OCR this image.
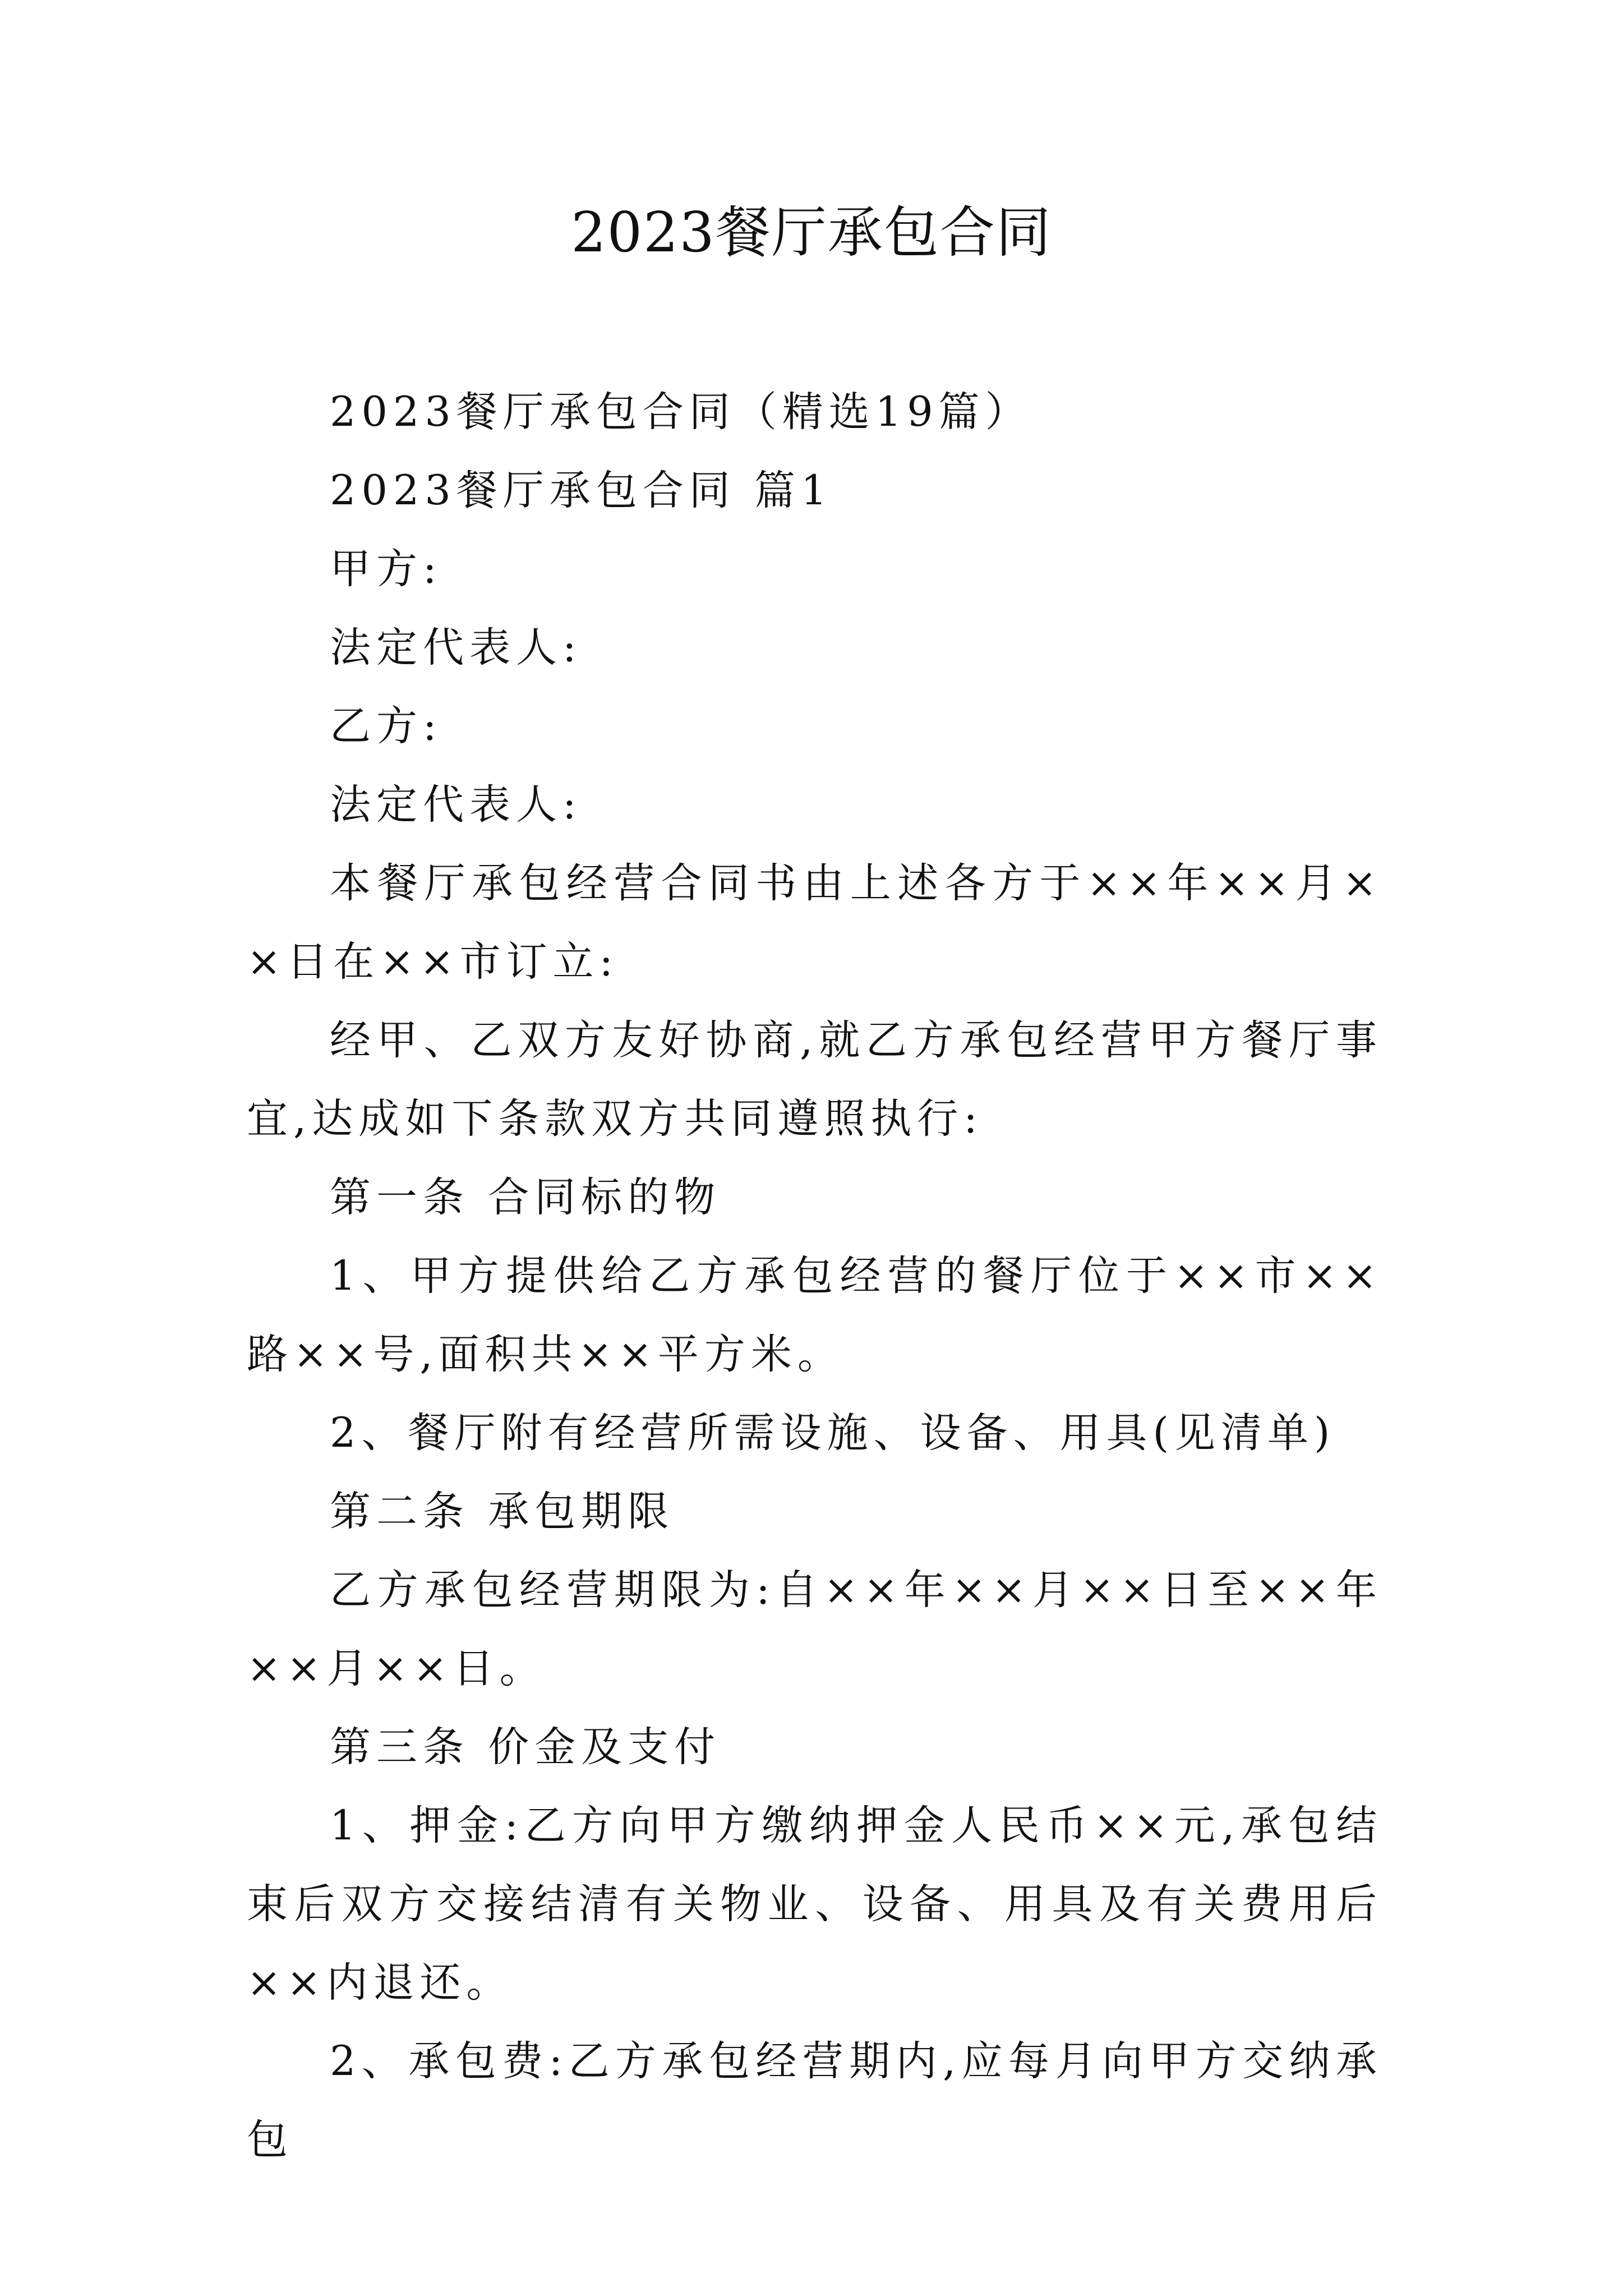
2023餐厅承包合同

2023餐厅承包合同（精选19篇）

2023餐厅承包合同 篇1

甲方:

法定代表人:

乙方:

法定代表人:

本餐厅承包经营合同书由上述各方于××年××月××日在××市订立:

经甲、乙双方友好协商,就乙方承包经营甲方餐厅事宜,达成如下条款双方共同遵照执行:

第一条 合同标的物

1、甲方提供给乙方承包经营的餐厅位于××市××路××号,面积共××平方米。

2、餐厅附有经营所需设施、设备、用具(见清单)

第二条 承包期限

乙方承包经营期限为:自××年××月××日至××年××月××日。

第三条 价金及支付

1、押金:乙方向甲方缴纳押金人民币××元,承包结束后双方交接结清有关物业、设备、用具及有关费用后××内退还。

2、承包费:乙方承包经营期内,应每月向甲方交纳承包
